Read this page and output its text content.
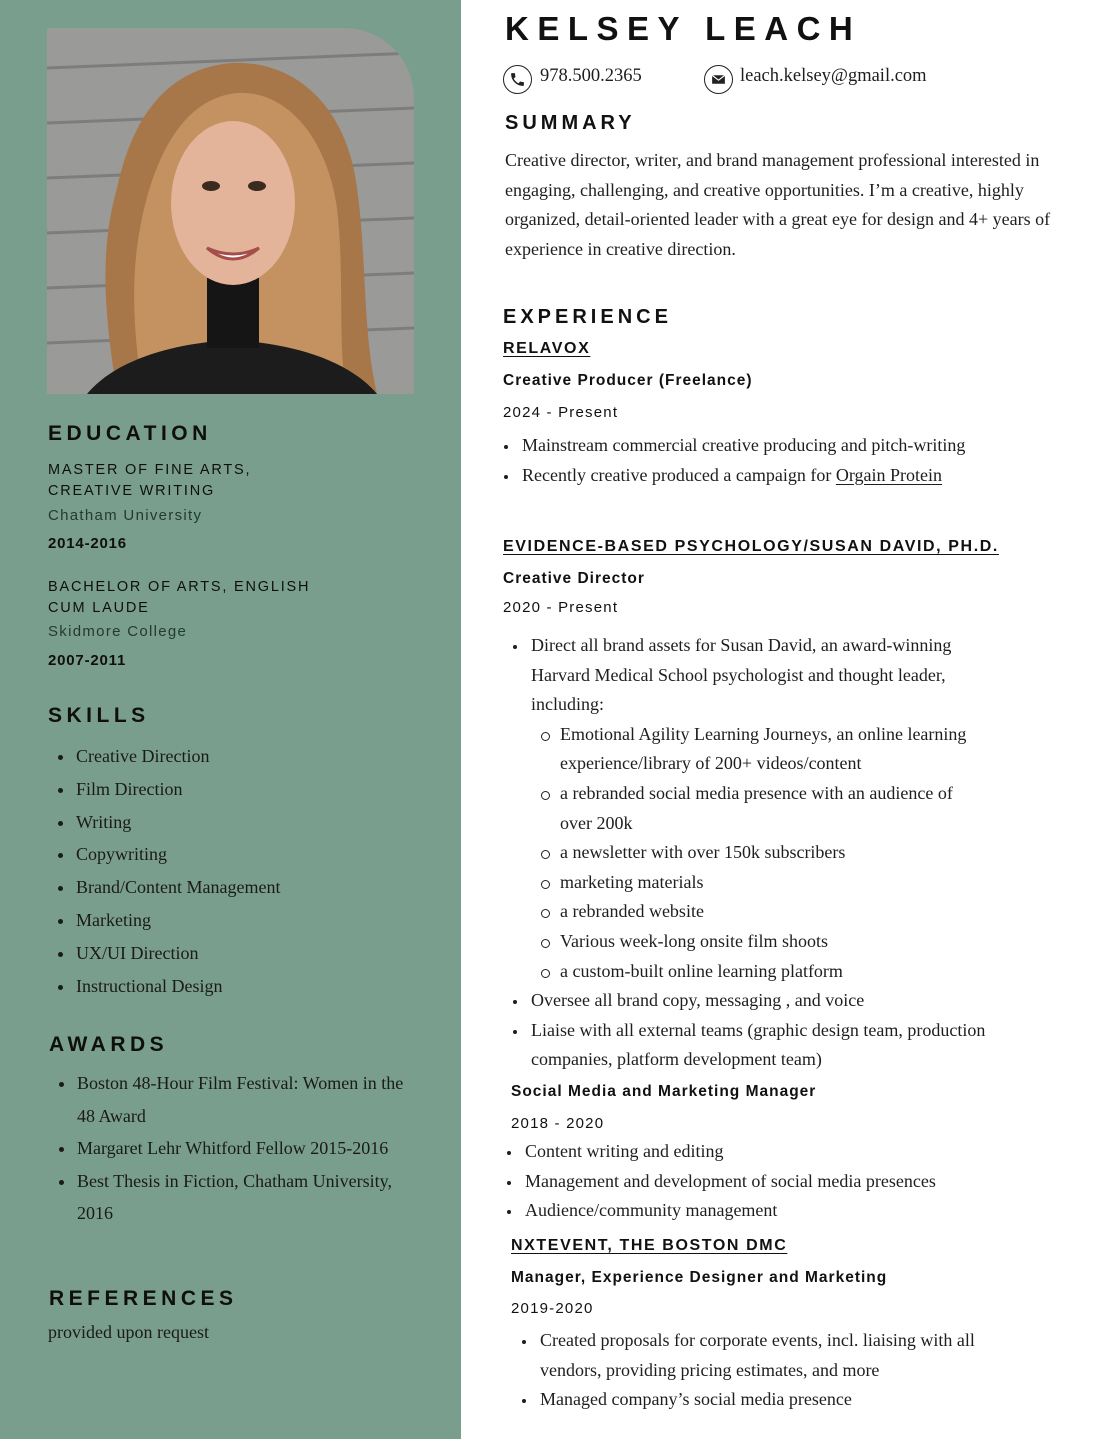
EDUCATION
MASTER OF FINE ARTS,
CREATIVE WRITING
Chatham University
2014-2016
BACHELOR OF ARTS, ENGLISH
CUM LAUDE
Skidmore College
2007-2011
SKILLS
Creative Direction
Film Direction
Writing
Copywriting
Brand/Content Management
Marketing
UX/UI Direction
Instructional Design
AWARDS
Boston 48-Hour Film Festival: Women in the 48 Award
Margaret Lehr Whitford Fellow 2015-2016
Best Thesis in Fiction, Chatham University, 2016
REFERENCES
provided upon request
KELSEY LEACH
978.500.2365	leach.kelsey@gmail.com
SUMMARY
Creative director, writer, and brand management professional interested in engaging, challenging, and creative opportunities. I’m a creative, highly organized, detail-oriented leader with a great eye for design and 4+ years of experience in creative direction.
EXPERIENCE
RELAVOX
Creative Producer (Freelance)
2024 - Present
Mainstream commercial creative producing and pitch-writing
Recently creative produced a campaign for Orgain Protein
EVIDENCE-BASED PSYCHOLOGY/SUSAN DAVID, PH.D.
Creative Director
2020 - Present
Direct all brand assets for Susan David, an award-winning Harvard Medical School psychologist and thought leader, including:
Emotional Agility Learning Journeys, an online learning experience/library of 200+ videos/content
a rebranded social media presence with an audience of over 200k
a newsletter with over 150k subscribers
marketing materials
a rebranded website
Various week-long onsite film shoots
a custom-built online learning platform
Oversee all brand copy, messaging , and voice
Liaise with all external teams (graphic design team, production companies, platform development team)
Social Media and Marketing Manager
2018 - 2020
Content writing and editing
Management and development of social media presences
Audience/community management
NXTEVENT, THE BOSTON DMC
Manager, Experience Designer and Marketing
2019-2020
Created proposals for corporate events, incl. liaising with all vendors, providing pricing estimates, and more
Managed company’s social media presence
